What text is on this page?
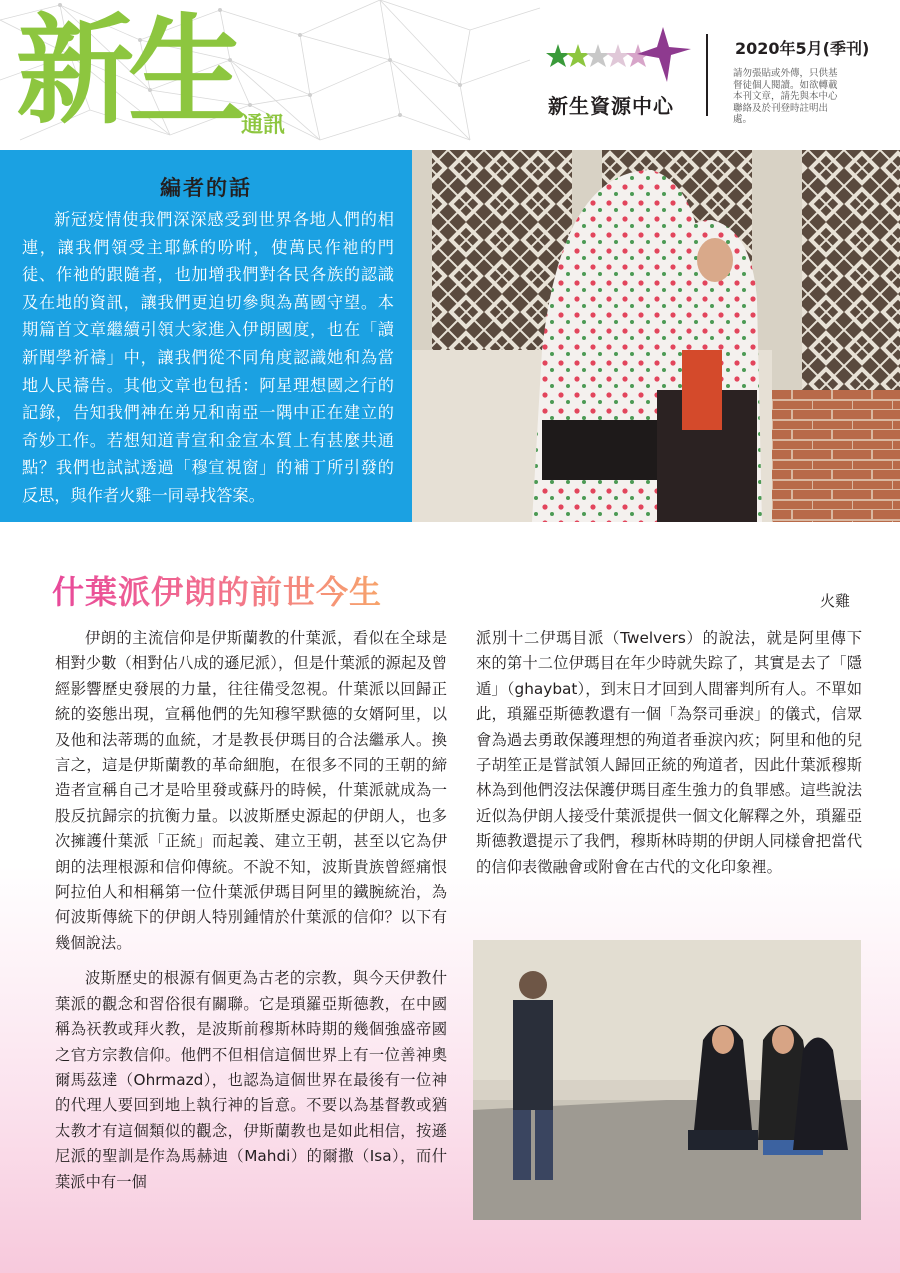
新生 通訊
新生資源中心
2020年5月(季刊)
請勿張貼或外傳，只供基督徒個人閱讀。如欲轉載本刊文章，請先與本中心聯絡及於刊登時註明出處。
編者的話

新冠疫情使我們深深感受到世界各地人們的相連，讓我們領受主耶穌的吩咐，使萬民作祂的門徒、作祂的跟隨者，也加增我們對各民各族的認識及在地的資訊，讓我們更迫切參與為萬國守望。本期篇首文章繼續引領大家進入伊朗國度，也在「讀新聞學祈禱」中，讓我們從不同角度認識她和為當地人民禱告。其他文章也包括：阿星理想國之行的記錄，告知我們神在弟兄和南亞一隅中正在建立的奇妙工作。若想知道青宣和金宣本質上有甚麼共通點？我們也試試透過「穆宣視窗」的補丁所引發的反思，與作者火雞一同尋找答案。

什葉派伊朗的前世今生	火雞

伊朗的主流信仰是伊斯蘭教的什葉派，看似在全球是相對少數（相對佔八成的遜尼派），但是什葉派的源起及曾經影響歷史發展的力量，往往備受忽視。什葉派以回歸正統的姿態出現，宣稱他們的先知穆罕默德的女婿阿里，以及他和法蒂瑪的血統，才是教長伊瑪目的合法繼承人。換言之，這是伊斯蘭教的革命細胞，在很多不同的王朝的締造者宣稱自己才是哈里發或蘇丹的時候，什葉派就成為一股反抗歸宗的抗衡力量。以波斯歷史源起的伊朗人，也多次擁護什葉派「正統」而起義、建立王朝，甚至以它為伊朗的法理根源和信仰傳統。不說不知，波斯貴族曾經痛恨阿拉伯人和相稱第一位什葉派伊瑪目阿里的鐵腕統治，為何波斯傳統下的伊朗人特別鍾情於什葉派的信仰？以下有幾個說法。

波斯歷史的根源有個更為古老的宗教，與今天伊教什葉派的觀念和習俗很有關聯。它是瑣羅亞斯德教，在中國稱為祆教或拜火教，是波斯前穆斯林時期的幾個強盛帝國之官方宗教信仰。他們不但相信這個世界上有一位善神奧爾馬茲達（Ohrmazd），也認為這個世界在最後有一位神的代理人要回到地上執行神的旨意。不要以為基督教或猶太教才有這個類似的觀念，伊斯蘭教也是如此相信，按遜尼派的聖訓是作為馬赫迪（Mahdi）的爾撒（Isa），而什葉派中有一個

派別十二伊瑪目派（Twelvers）的說法，就是阿里傳下來的第十二位伊瑪目在年少時就失踪了，其實是去了「隱遁」（ghaybat），到末日才回到人間審判所有人。不單如此，瑣羅亞斯德教還有一個「為祭司垂淚」的儀式，信眾會為過去勇敢保護理想的殉道者垂淚內疚；阿里和他的兒子胡笙正是嘗試領人歸回正統的殉道者，因此什葉派穆斯林為到他們沒法保護伊瑪目產生強力的負罪感。這些說法近似為伊朗人接受什葉派提供一個文化解釋之外，瑣羅亞斯德教還提示了我們，穆斯林時期的伊朗人同樣會把當代的信仰表徵融會或附會在古代的文化印象裡。
